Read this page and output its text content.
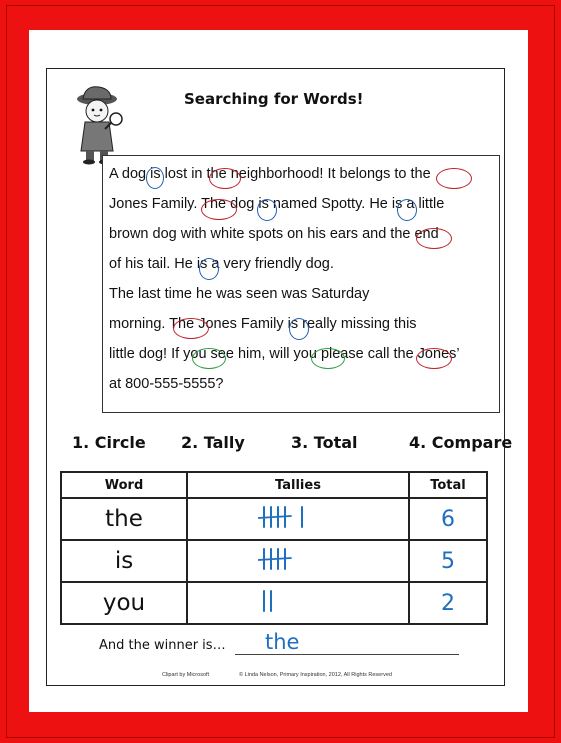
Searching for Words!
A dog is lost in the neighborhood! It belongs to the
Jones Family. The dog is named Spotty. He is a little
brown dog with white spots on his ears and the end
of his tail. He is a very friendly dog.
The last time he was seen was Saturday
morning. The Jones Family is really missing this
little dog! If you see him, will you please call the Jones’
at 800-555-5555?
1. Circle 2. Tally	3. Total	4. Compare
Word	Tallies	Total
the		6
is		5
you		2
And the winner is… the
Clipart by Microsoft	© Linda Nelson, Primary Inspiration, 2012, All Rights Reserved
